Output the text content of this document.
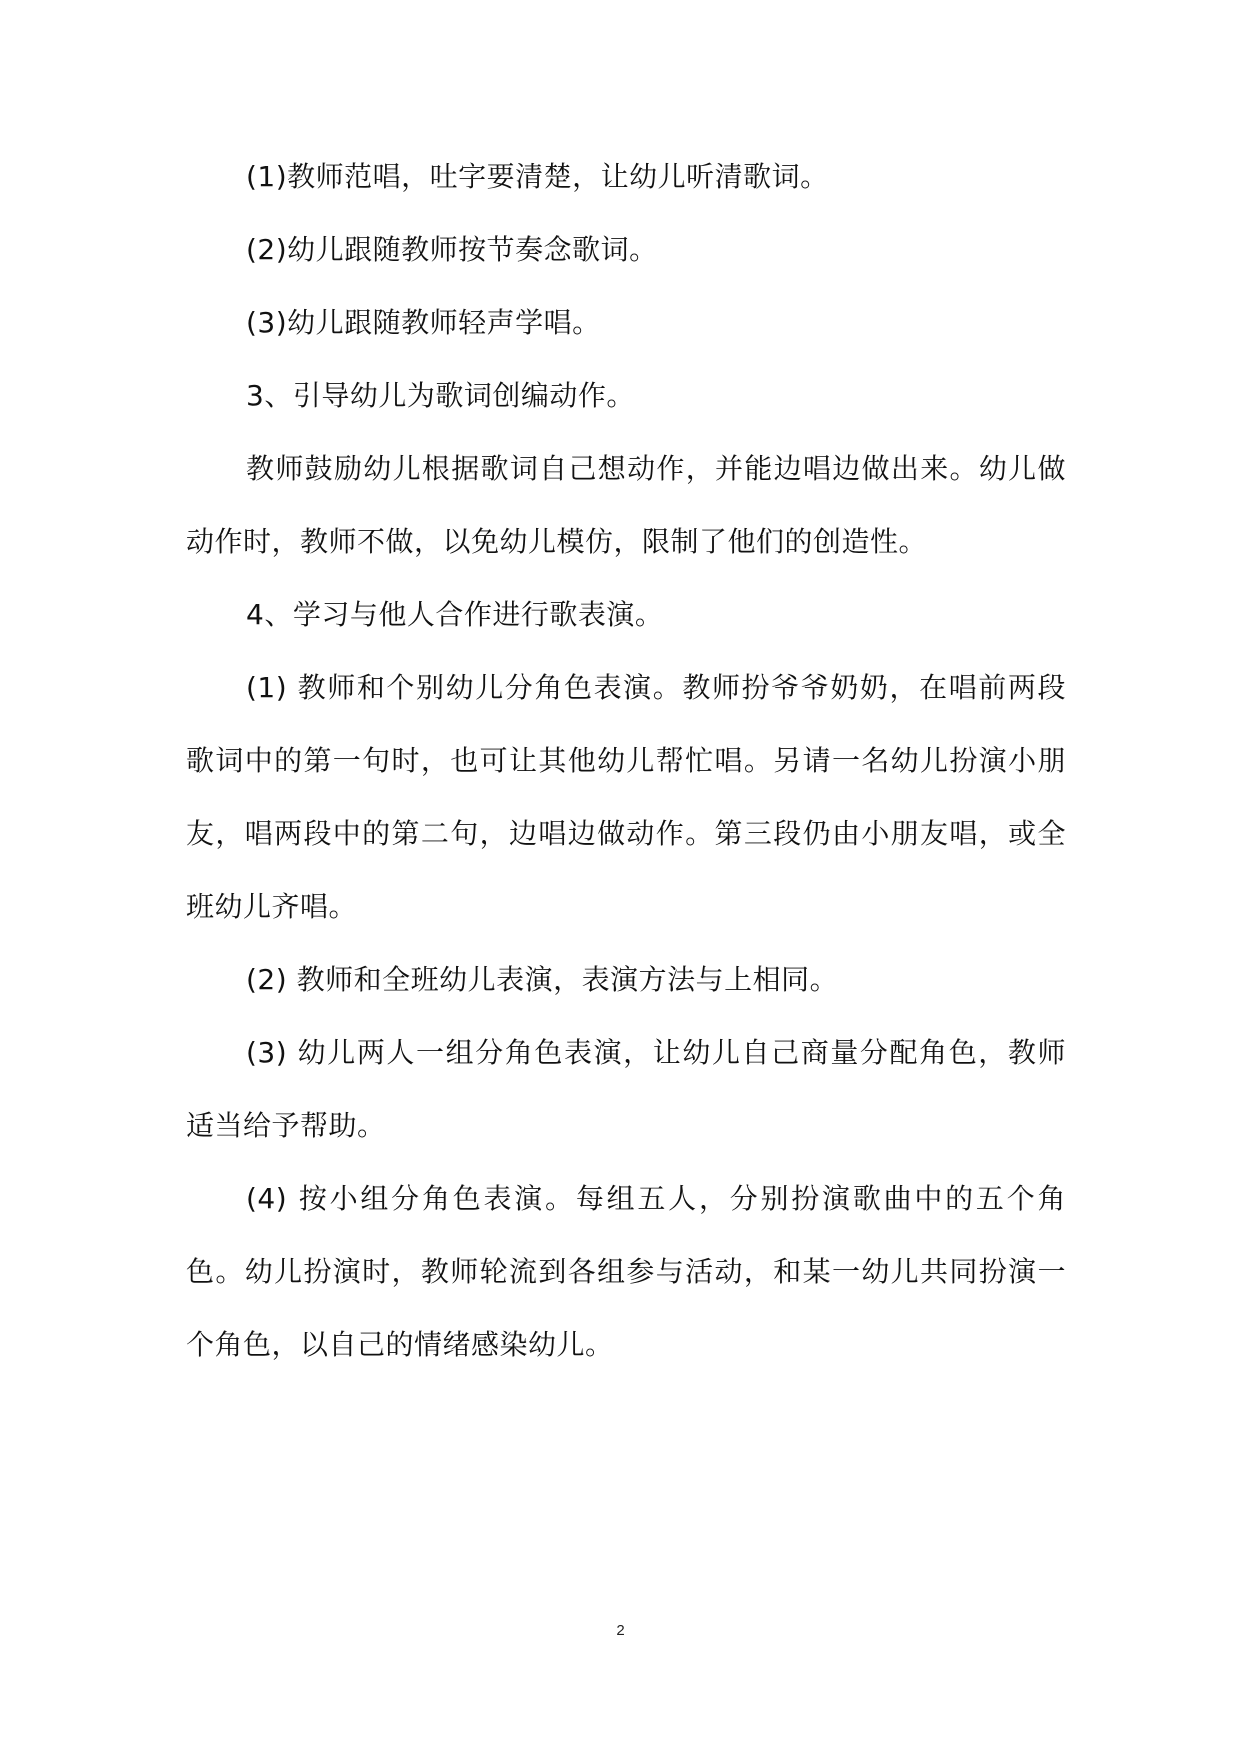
(1)教师范唱，吐字要清楚，让幼儿听清歌词。

(2)幼儿跟随教师按节奏念歌词。

(3)幼儿跟随教师轻声学唱。

3、引导幼儿为歌词创编动作。

教师鼓励幼儿根据歌词自己想动作，并能边唱边做出来。幼儿做动作时，教师不做，以免幼儿模仿，限制了他们的创造性。

4、学习与他人合作进行歌表演。

(1) 教师和个别幼儿分角色表演。教师扮爷爷奶奶，在唱前两段歌词中的第一句时，也可让其他幼儿帮忙唱。另请一名幼儿扮演小朋友，唱两段中的第二句，边唱边做动作。第三段仍由小朋友唱，或全班幼儿齐唱。

(2) 教师和全班幼儿表演，表演方法与上相同。

(3) 幼儿两人一组分角色表演，让幼儿自己商量分配角色，教师适当给予帮助。

(4) 按小组分角色表演。每组五人，分别扮演歌曲中的五个角色。幼儿扮演时，教师轮流到各组参与活动，和某一幼儿共同扮演一个角色，以自己的情绪感染幼儿。

2
